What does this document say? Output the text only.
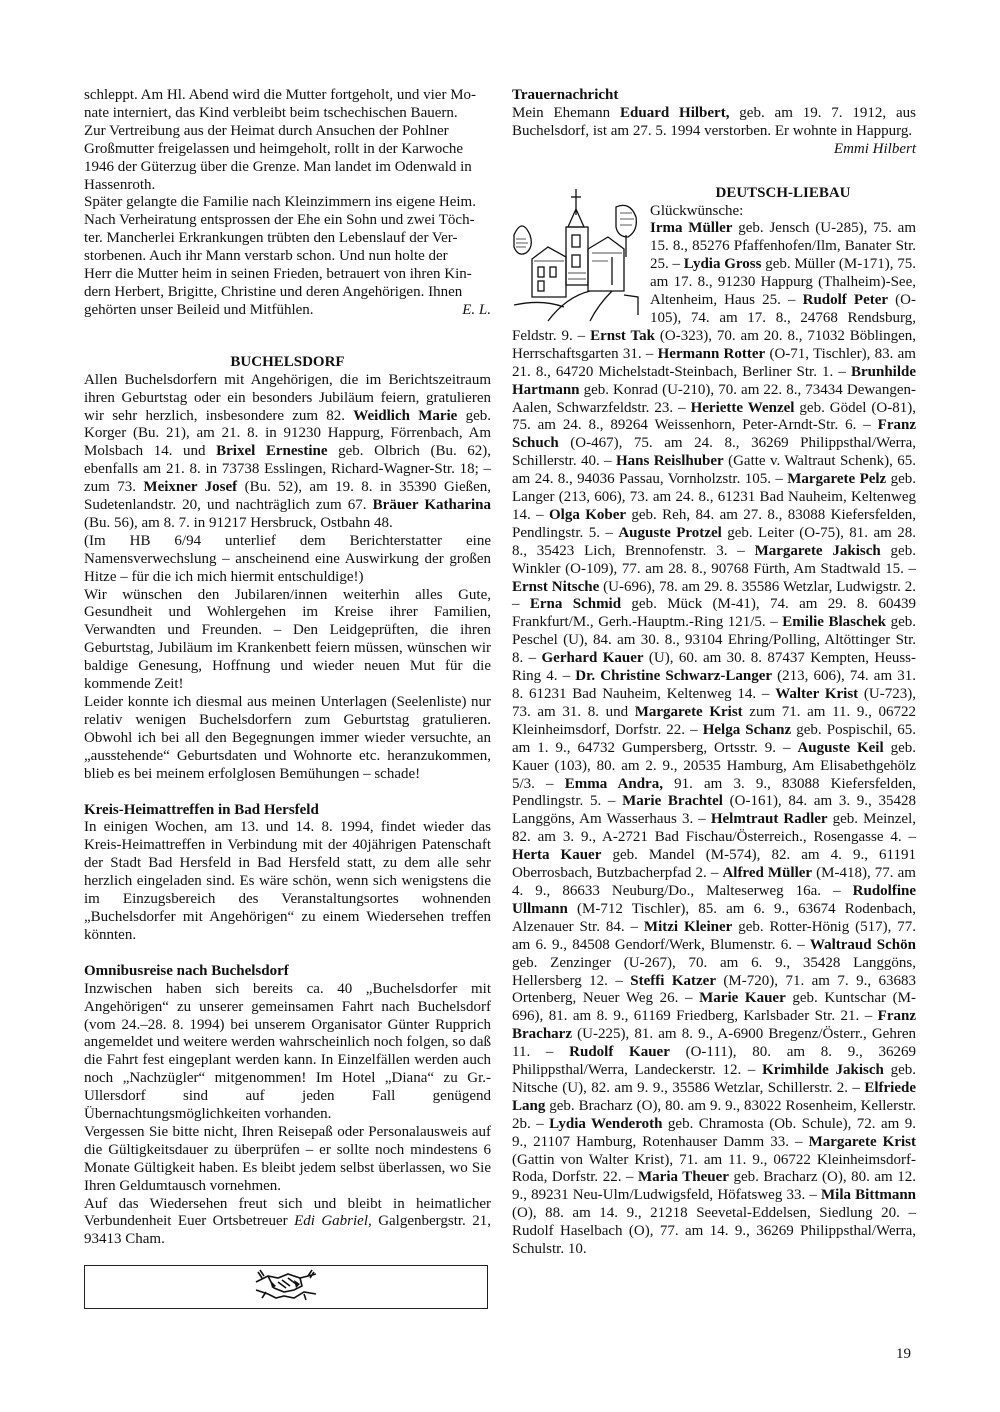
schleppt. Am Hl. Abend wird die Mutter fortgeholt, und vier Mo-

nate interniert, das Kind verbleibt beim tschechischen Bauern.

Zur Vertreibung aus der Heimat durch Ansuchen der Pohlner

Großmutter freigelassen und heimgeholt, rollt in der Karwoche

1946 der Güterzug über die Grenze. Man landet im Odenwald in

Hassenroth.

Später gelangte die Familie nach Kleinzimmern ins eigene Heim.

Nach Verheiratung entsprossen der Ehe ein Sohn und zwei Töch-

ter. Mancherlei Erkrankungen trübten den Lebenslauf der Ver-

storbenen. Auch ihr Mann verstarb schon. Und nun holte der

Herr die Mutter heim in seinen Frieden, betrauert von ihren Kin-

dern Herbert, Brigitte, Christine und deren Angehörigen. Ihnen

gehörten unser Beileid und Mitfühlen.	E. L.

BUCHELSDORF

Allen Buchelsdorfern mit Angehörigen, die im Berichtszeitraum ihren Geburtstag oder ein besonders Jubiläum feiern, gratulieren wir sehr herzlich, insbesondere zum 82. Weidlich Marie geb. Korger (Bu. 21), am 21. 8. in 91230 Happurg, Förrenbach, Am Molsbach 14. und Brixel Ernestine geb. Olbrich (Bu. 62), ebenfalls am 21. 8. in 73738 Esslingen, Richard-Wagner-Str. 18; – zum 73. Meixner Josef (Bu. 52), am 19. 8. in 35390 Gießen, Sudetenlandstr. 20, und nachträglich zum 67. Bräuer Katharina (Bu. 56), am 8. 7. in 91217 Hersbruck, Ostbahn 48.

(Im HB 6/94 unterlief dem Berichterstatter eine Namensverwechslung – anscheinend eine Auswirkung der großen Hitze – für die ich mich hiermit entschuldige!)

Wir wünschen den Jubilaren/innen weiterhin alles Gute, Gesundheit und Wohlergehen im Kreise ihrer Familien, Verwandten und Freunden. – Den Leidgeprüften, die ihren Geburtstag, Jubiläum im Krankenbett feiern müssen, wünschen wir baldige Genesung, Hoffnung und wieder neuen Mut für die kommende Zeit!

Leider konnte ich diesmal aus meinen Unterlagen (Seelenliste) nur relativ wenigen Buchelsdorfern zum Geburtstag gratulieren. Obwohl ich bei all den Begegnungen immer wieder versuchte, an „ausstehende“ Geburtsdaten und Wohnorte etc. heranzukommen, blieb es bei meinem erfolglosen Bemühungen – schade!

Kreis-Heimattreffen in Bad Hersfeld

In einigen Wochen, am 13. und 14. 8. 1994, findet wieder das Kreis-Heimattreffen in Verbindung mit der 40jährigen Patenschaft der Stadt Bad Hersfeld in Bad Hersfeld statt, zu dem alle sehr herzlich eingeladen sind. Es wäre schön, wenn sich wenigstens die im Einzugsbereich des Veranstaltungsortes wohnenden „Buchelsdorfer mit Angehörigen“ zu einem Wiedersehen treffen könnten.

Omnibusreise nach Buchelsdorf

Inzwischen haben sich bereits ca. 40 „Buchelsdorfer mit Angehörigen“ zu unserer gemeinsamen Fahrt nach Buchelsdorf (vom 24.–28. 8. 1994) bei unserem Organisator Günter Rupprich angemeldet und weitere werden wahrscheinlich noch folgen, so daß die Fahrt fest eingeplant werden kann. In Einzelfällen werden auch noch „Nachzügler“ mitgenommen! Im Hotel „Diana“ zu Gr.-Ullersdorf sind auf jeden Fall genügend Übernachtungsmöglichkeiten vorhanden.

Vergessen Sie bitte nicht, Ihren Reisepaß oder Personalausweis auf die Gültigkeitsdauer zu überprüfen – er sollte noch mindestens 6 Monate Gültigkeit haben. Es bleibt jedem selbst überlassen, wo Sie Ihren Geldumtausch vornehmen.

Auf das Wiedersehen freut sich und bleibt in heimatlicher Verbundenheit Euer Ortsbetreuer Edi Gabriel, Galgenbergstr. 21, 93413 Cham.

Trauernachricht

Mein Ehemann Eduard Hilbert, geb. am 19. 7. 1912, aus Buchelsdorf, ist am 27. 5. 1994 verstorben. Er wohnte in Happurg.

Emmi Hilbert

DEUTSCH-LIEBAU

Glückwünsche:

Irma Müller geb. Jensch (U-285), 75. am 15. 8., 85276 Pfaffenhofen/Ilm, Banater Str. 25. – Lydia Gross geb. Müller (M-171), 75. am 17. 8., 91230 Happurg (Thalheim)-See, Altenheim, Haus 25. – Rudolf Peter (O-105), 74. am 17. 8., 24768 Rendsburg, Feldstr. 9. – Ernst Tak (O-323), 70. am 20. 8., 71032 Böblingen, Herrschaftsgarten 31. – Hermann Rotter (O-71, Tischler), 83. am 21. 8., 64720 Michelstadt-Steinbach, Berliner Str. 1. – Brunhilde Hartmann geb. Konrad (U-210), 70. am 22. 8., 73434 Dewangen-Aalen, Schwarzfeldstr. 23. – Heriette Wenzel geb. Gödel (O-81), 75. am 24. 8., 89264 Weissenhorn, Peter-Arndt-Str. 6. – Franz Schuch (O-467), 75. am 24. 8., 36269 Philippsthal/Werra, Schillerstr. 40. – Hans Reislhuber (Gatte v. Waltraut Schenk), 65. am 24. 8., 94036 Passau, Vornholzstr. 105. – Margarete Pelz geb. Langer (213, 606), 73. am 24. 8., 61231 Bad Nauheim, Keltenweg 14. – Olga Kober geb. Reh, 84. am 27. 8., 83088 Kiefersfelden, Pendlingstr. 5. – Auguste Protzel geb. Leiter (O-75), 81. am 28. 8., 35423 Lich, Brennofenstr. 3. – Margarete Jakisch geb. Winkler (O-109), 77. am 28. 8., 90768 Fürth, Am Stadtwald 15. – Ernst Nitsche (U-696), 78. am 29. 8. 35586 Wetzlar, Ludwigstr. 2. – Erna Schmid geb. Mück (M-41), 74. am 29. 8. 60439 Frankfurt/M., Gerh.-Hauptm.-Ring 121/5. – Emilie Blaschek geb. Peschel (U), 84. am 30. 8., 93104 Ehring/Polling, Altöttinger Str. 8. – Gerhard Kauer (U), 60. am 30. 8. 87437 Kempten, Heuss-Ring 4. – Dr. Christine Schwarz-Langer (213, 606), 74. am 31. 8. 61231 Bad Nauheim, Keltenweg 14. – Walter Krist (U-723), 73. am 31. 8. und Margarete Krist zum 71. am 11. 9., 06722 Kleinheimsdorf, Dorfstr. 22. – Helga Schanz geb. Pospischil, 65. am 1. 9., 64732 Gumpersberg, Ortsstr. 9. – Auguste Keil geb. Kauer (103), 80. am 2. 9., 20535 Hamburg, Am Elisabethgehölz 5/3. – Emma Andra, 91. am 3. 9., 83088 Kiefersfelden, Pendlingstr. 5. – Marie Brachtel (O-161), 84. am 3. 9., 35428 Langgöns, Am Wasserhaus 3. – Helmtraut Radler geb. Meinzel, 82. am 3. 9., A-2721 Bad Fischau/Österreich., Rosengasse 4. – Herta Kauer geb. Mandel (M-574), 82. am 4. 9., 61191 Oberrosbach, Butzbacherpfad 2. – Alfred Müller (M-418), 77. am 4. 9., 86633 Neuburg/Do., Malteserweg 16a. – Rudolfine Ullmann (M-712 Tischler), 85. am 6. 9., 63674 Rodenbach, Alzenauer Str. 84. – Mitzi Kleiner geb. Rotter-Hönig (517), 77. am 6. 9., 84508 Gendorf/Werk, Blumenstr. 6. – Waltraud Schön geb. Zenzinger (U-267), 70. am 6. 9., 35428 Langgöns, Hellersberg 12. – Steffi Katzer (M-720), 71. am 7. 9., 63683 Ortenberg, Neuer Weg 26. – Marie Kauer geb. Kuntschar (M-696), 81. am 8. 9., 61169 Friedberg, Karlsbader Str. 21. – Franz Bracharz (U-225), 81. am 8. 9., A-6900 Bregenz/Österr., Gehren 11. – Rudolf Kauer (O-111), 80. am 8. 9., 36269 Philippsthal/Werra, Landeckerstr. 12. – Krimhilde Jakisch geb. Nitsche (U), 82. am 9. 9., 35586 Wetzlar, Schillerstr. 2. – Elfriede Lang geb. Bracharz (O), 80. am 9. 9., 83022 Rosenheim, Kellerstr. 2b. – Lydia Wenderoth geb. Chramosta (Ob. Schule), 72. am 9. 9., 21107 Hamburg, Rotenhauser Damm 33. – Margarete Krist (Gattin von Walter Krist), 71. am 11. 9., 06722 Kleinheimsdorf-Roda, Dorfstr. 22. – Maria Theuer geb. Bracharz (O), 80. am 12. 9., 89231 Neu-Ulm/Ludwigsfeld, Höfatsweg 33. – Mila Bittmann (O), 88. am 14. 9., 21218 Seevetal-Eddelsen, Siedlung 20. – Rudolf Haselbach (O), 77. am 14. 9., 36269 Philippsthal/Werra, Schulstr. 10.

19
